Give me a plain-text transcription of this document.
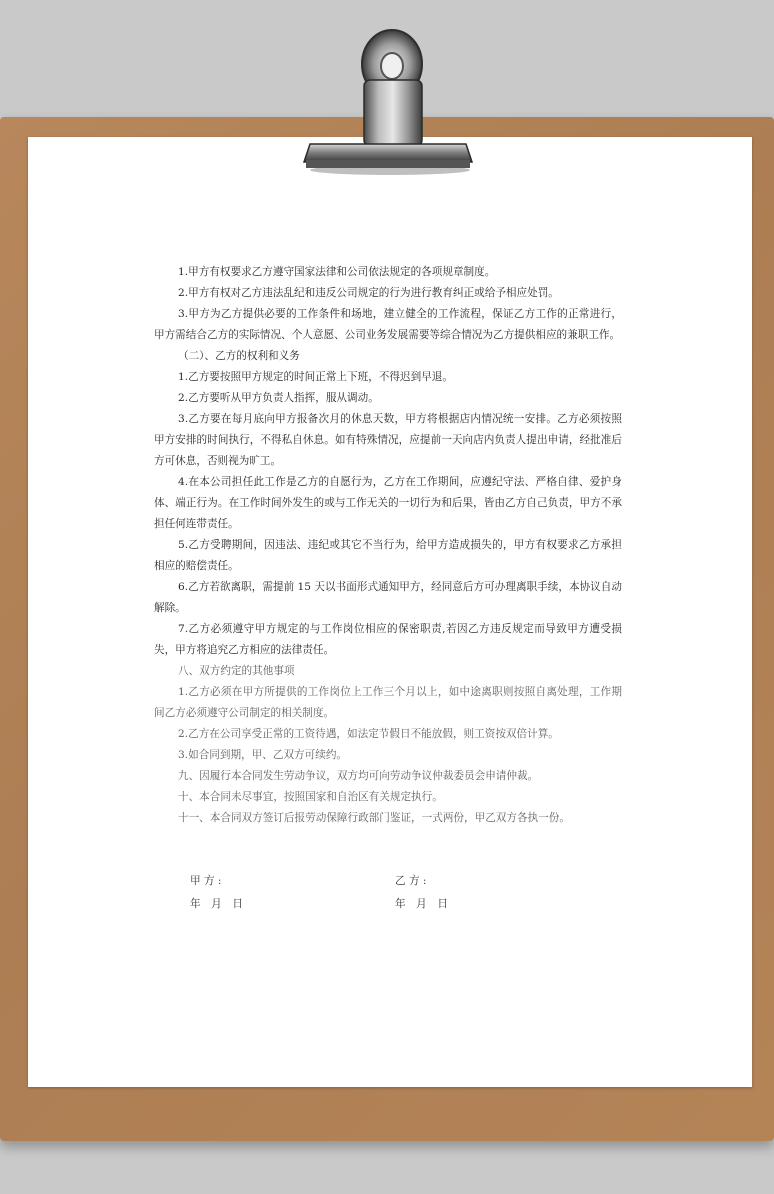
1.甲方有权要求乙方遵守国家法律和公司依法规定的各项规章制度。

2.甲方有权对乙方违法乱纪和违反公司规定的行为进行教育纠正或给予相应处罚。

3.甲方为乙方提供必要的工作条件和场地，建立健全的工作流程，保证乙方工作的正常进行，甲方需结合乙方的实际情况、个人意愿、公司业务发展需要等综合情况为乙方提供相应的兼职工作。

（二）、乙方的权利和义务

1.乙方要按照甲方规定的时间正常上下班，不得迟到早退。

2.乙方要听从甲方负责人指挥，服从调动。

3.乙方要在每月底向甲方报备次月的休息天数，甲方将根据店内情况统一安排。乙方必须按照甲方安排的时间执行，不得私自休息。如有特殊情况，应提前一天向店内负责人提出申请，经批准后方可休息，否则视为旷工。

4.在本公司担任此工作是乙方的自愿行为，乙方在工作期间，应遵纪守法、严格自律、爱护身体、端正行为。在工作时间外发生的或与工作无关的一切行为和后果，皆由乙方自己负责，甲方不承担任何连带责任。

5.乙方受聘期间，因违法、违纪或其它不当行为，给甲方造成损失的，甲方有权要求乙方承担相应的赔偿责任。

6.乙方若欲离职，需提前 15 天以书面形式通知甲方，经同意后方可办理离职手续，本协议自动解除。

7.乙方必须遵守甲方规定的与工作岗位相应的保密职责,若因乙方违反规定而导致甲方遭受损失，甲方将追究乙方相应的法律责任。

八、双方约定的其他事项

1.乙方必须在甲方所提供的工作岗位上工作三个月以上，如中途离职则按照自离处理，工作期间乙方必须遵守公司制定的相关制度。

2.乙方在公司享受正常的工资待遇，如法定节假日不能放假，则工资按双倍计算。

3.如合同到期，甲、乙双方可续约。

九、因履行本合同发生劳动争议，双方均可向劳动争议仲裁委员会申请仲裁。

十、本合同未尽事宜，按照国家和自治区有关规定执行。

十一、本合同双方签订后报劳动保障行政部门鉴证，一式两份，甲乙双方各执一份。

甲 方 :
年　月　日
乙 方 :
年　月　日
